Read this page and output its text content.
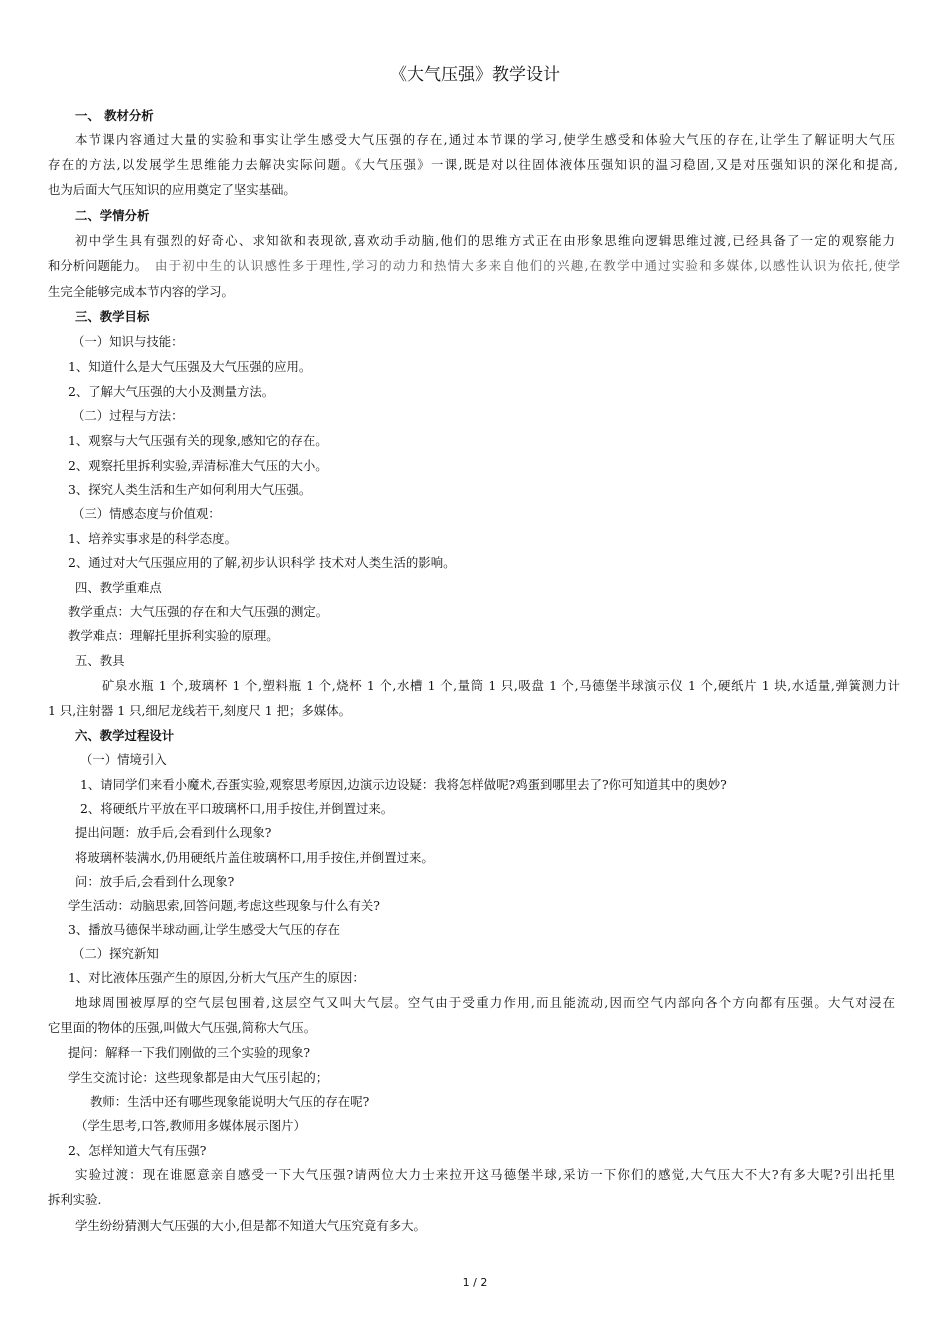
《大气压强》教学设计
一、 教材分析
本节课内容通过大量的实验和事实让学生感受大气压强的存在,通过本节课的学习,使学生感受和体验大气压的存在,让学生了解证明大气压
存在的方法,以发展学生思维能力去解决实际问题。《大气压强》一课,既是对以往固体液体压强知识的温习稳固,又是对压强知识的深化和提高,
也为后面大气压知识的应用奠定了坚实基础。
二、学情分析
初中学生具有强烈的好奇心、求知欲和表现欲,喜欢动手动脑,他们的思维方式正在由形象思维向逻辑思维过渡,已经具备了一定的观察能力
和分析问题能力。 由于初中生的认识感性多于理性,学习的动力和热情大多来自他们的兴趣,在教学中通过实验和多媒体,以感性认识为依托,使学
生完全能够完成本节内容的学习。
三、教学目标
（一）知识与技能：
1、知道什么是大气压强及大气压强的应用。
2、了解大气压强的大小及测量方法。
（二）过程与方法：
1、观察与大气压强有关的现象,感知它的存在。
2、观察托里拆利实验,弄清标准大气压的大小。
3、探究人类生活和生产如何利用大气压强。
（三）情感态度与价值观：
1、培养实事求是的科学态度。
2、通过对大气压强应用的了解,初步认识科学 技术对人类生活的影响。
四、教学重难点
教学重点：大气压强的存在和大气压强的测定。
教学难点：理解托里拆利实验的原理。
五、教具
矿泉水瓶 1 个,玻璃杯 1 个,塑料瓶 1 个,烧杯 1 个,水槽 1 个,量筒 1 只,吸盘 1 个,马德堡半球演示仪 1 个,硬纸片 1 块,水适量,弹簧测力计
1 只,注射器 1 只,细尼龙线若干,刻度尺 1 把；多媒体。
六、教学过程设计
（一）情境引入
1、请同学们来看小魔术,吞蛋实验,观察思考原因,边演示边设疑：我将怎样做呢?鸡蛋到哪里去了?你可知道其中的奥妙?
2、将硬纸片平放在平口玻璃杯口,用手按住,并倒置过来。
提出问题：放手后,会看到什么现象?
将玻璃杯装满水,仍用硬纸片盖住玻璃杯口,用手按住,并倒置过来。
问：放手后,会看到什么现象?
学生活动：动脑思索,回答问题,考虑这些现象与什么有关?
3、播放马德保半球动画,让学生感受大气压的存在
（二）探究新知
1、对比液体压强产生的原因,分析大气压产生的原因：
地球周围被厚厚的空气层包围着,这层空气又叫大气层。空气由于受重力作用,而且能流动,因而空气内部向各个方向都有压强。大气对浸在
它里面的物体的压强,叫做大气压强,简称大气压。
提问：解释一下我们刚做的三个实验的现象?
学生交流讨论：这些现象都是由大气压引起的；
教师：生活中还有哪些现象能说明大气压的存在呢?
（学生思考,口答,教师用多媒体展示图片）
2、怎样知道大气有压强?
实验过渡：现在谁愿意亲自感受一下大气压强?请两位大力士来拉开这马德堡半球,采访一下你们的感觉,大气压大不大?有多大呢?引出托里
拆利实验.
学生纷纷猜测大气压强的大小,但是都不知道大气压究竟有多大。
1 / 2
